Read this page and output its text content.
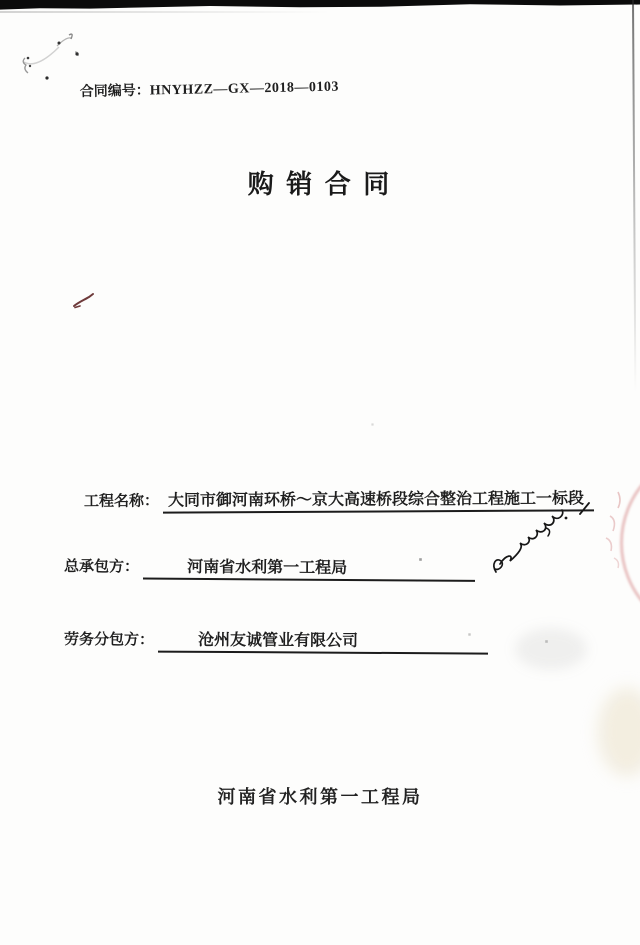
合同编号：HNYHZZ—GX—2018—0103
购 销 合 同
工程名称： 大同市御河南环桥～京大高速桥段综合整治工程施工一标段
总承包方：	河南省水利第一工程局
劳务分包方：	沧州友诚管业有限公司
河南省水利第一工程局
